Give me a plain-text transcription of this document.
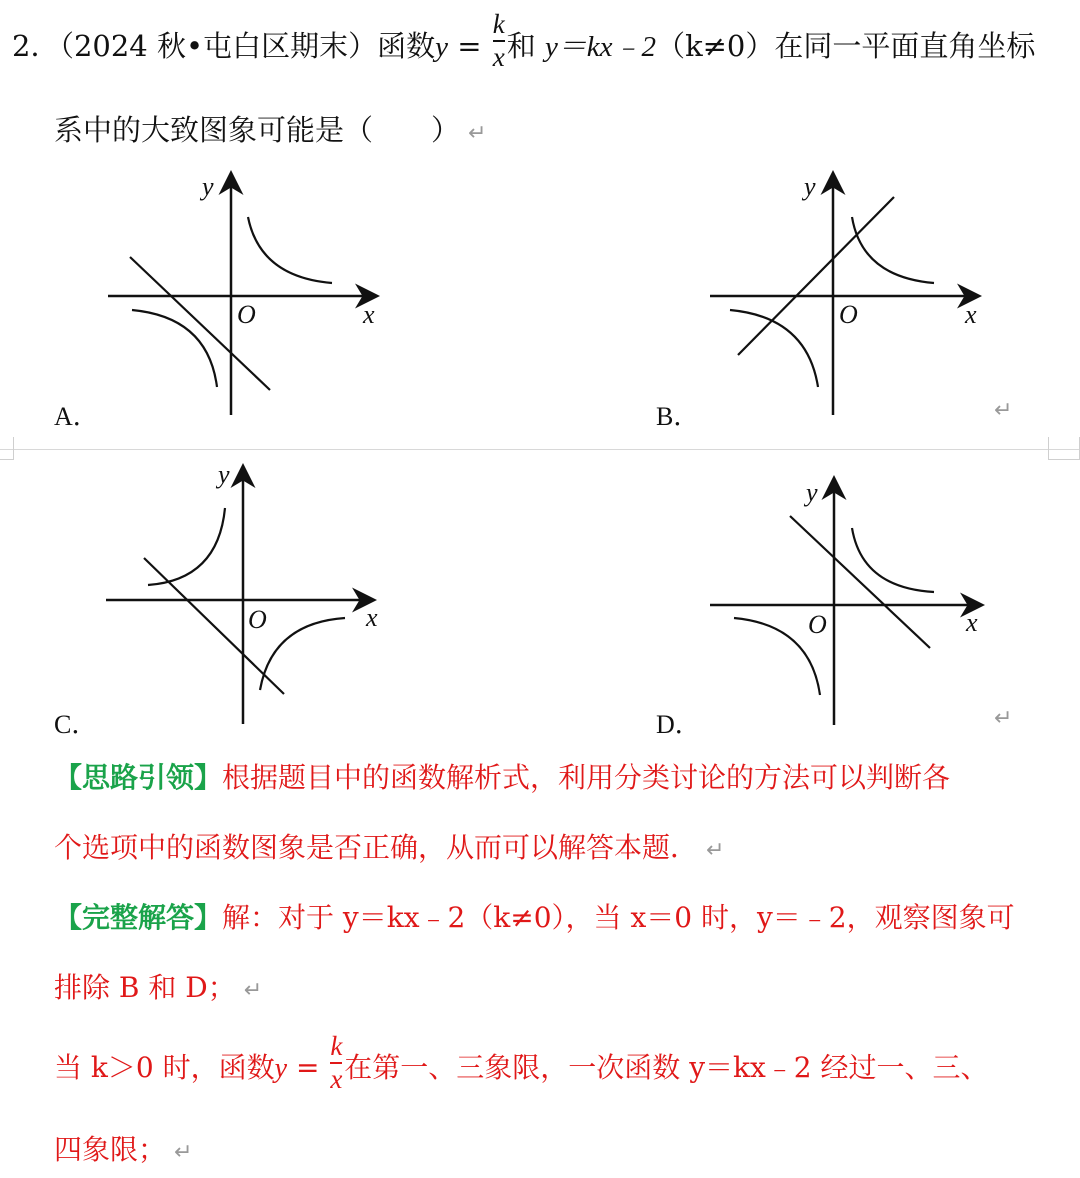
2．（2024 秋•屯白区期末）函数$y = \frac{k}{x}$ 和 y＝kx﹣2（k≠0）在同一平面直角坐标
系中的大致图象可能是（　　） ↵
y
O	x
A．
y
O	x
B．	↵
y
O	x
C．
y
O	x
D．	↵
【思路引领】根据题目中的函数解析式，利用分类讨论的方法可以判断各
个选项中的函数图象是否正确，从而可以解答本题． ↵
【完整解答】解：对于 y＝kx﹣2（k≠0），当 x＝0 时，y＝﹣2，观察图象可
排除 B 和 D； ↵
当 k＞0 时，函数$y = \frac{k}{x}$ 在第一、三象限，一次函数 y＝kx﹣2 经过一、三、
四象限； ↵
